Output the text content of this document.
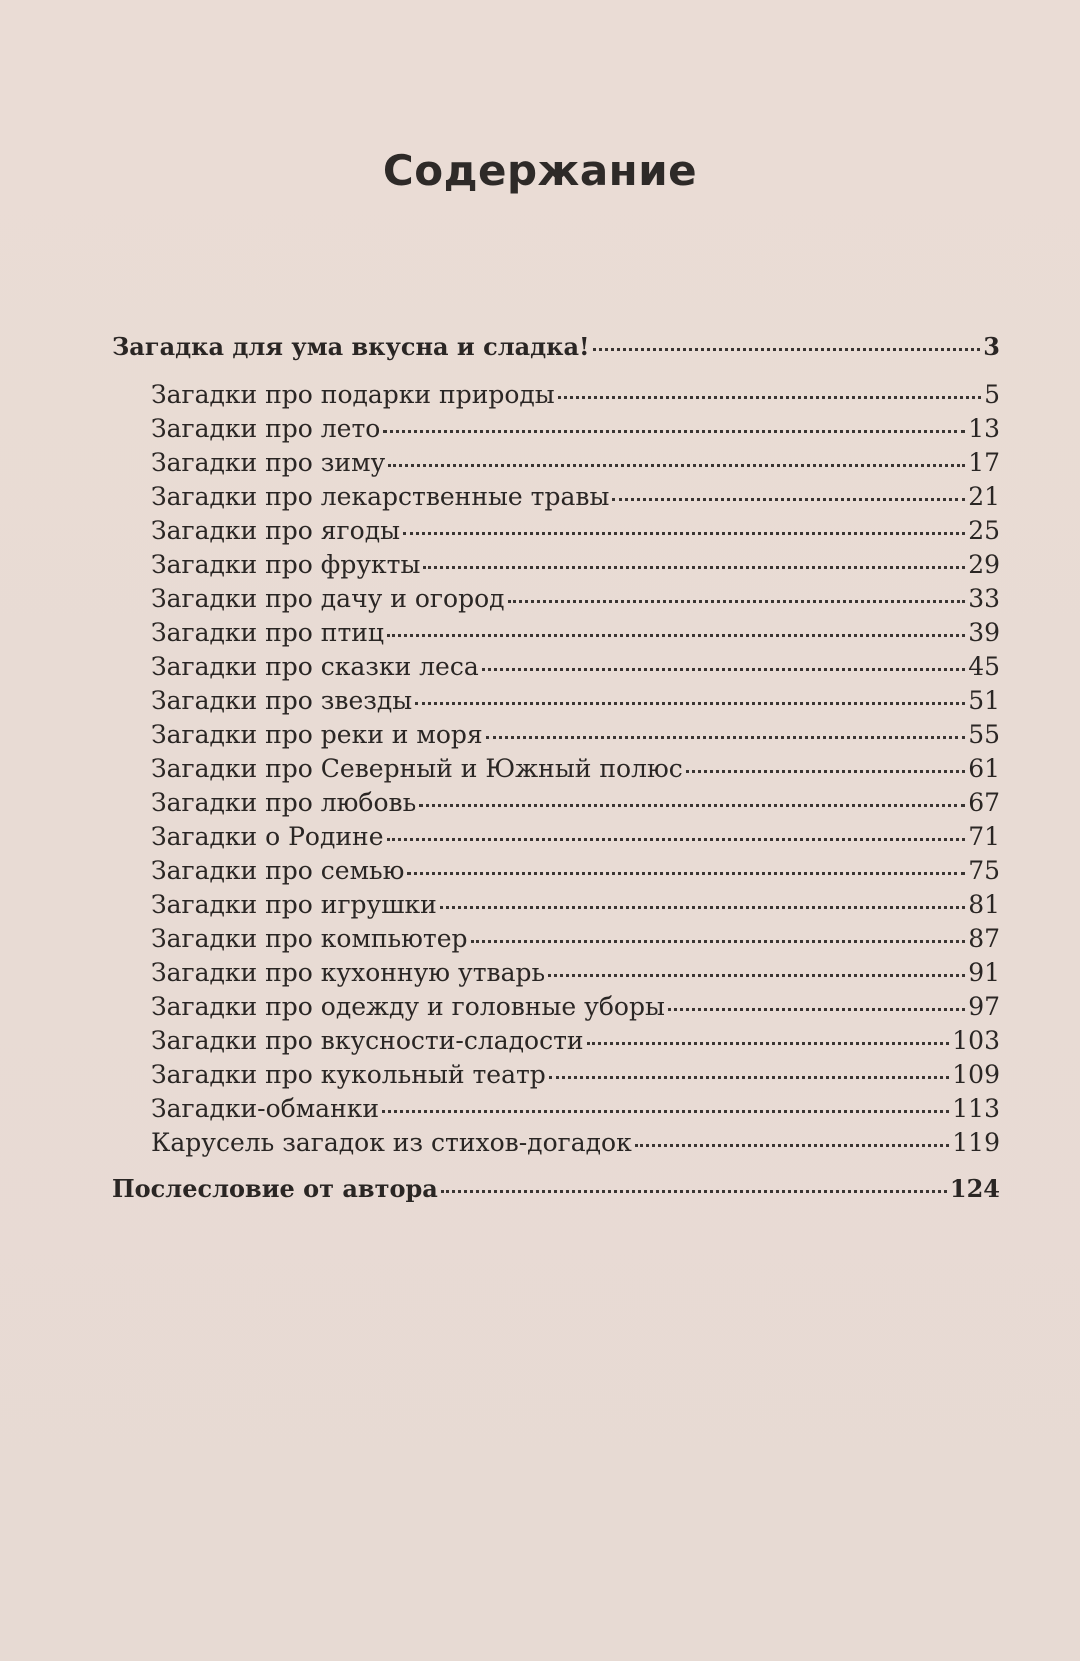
Содержание
Загадка для ума вкусна и сладка!	3
Загадки про подарки природы	5
Загадки про лето	13
Загадки про зиму	17
Загадки про лекарственные травы	21
Загадки про ягоды	25
Загадки про фрукты	29
Загадки про дачу и огород	33
Загадки про птиц	39
Загадки про сказки леса	45
Загадки про звезды	51
Загадки про реки и моря	55
Загадки про Северный и Южный полюс	61
Загадки про любовь	67
Загадки о Родине	71
Загадки про семью	75
Загадки про игрушки	81
Загадки про компьютер	87
Загадки про кухонную утварь	91
Загадки про одежду и головные уборы	97
Загадки про вкусности-сладости	103
Загадки про кукольный театр	109
Загадки-обманки	113
Карусель загадок из стихов-догадок	119
Послесловие от автора	124
